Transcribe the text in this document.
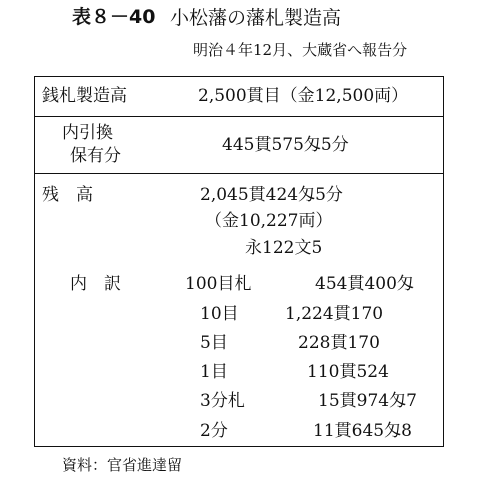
表８－40 小松藩の藩札製造高
明治４年12月、大蔵省へ報告分
銭札製造高	2,500貫目（金12,500両）
内引換
保有分
445貫575匁5分
残　高	2,045貫424匁5分
（金10,227両）
永122文5
内　訳	100目札	454貫400匁
10目	1,224貫170
5目	228貫170
1目	110貫524
3分札	15貫974匁7
2分	11貫645匁8
資料：官省進達留
